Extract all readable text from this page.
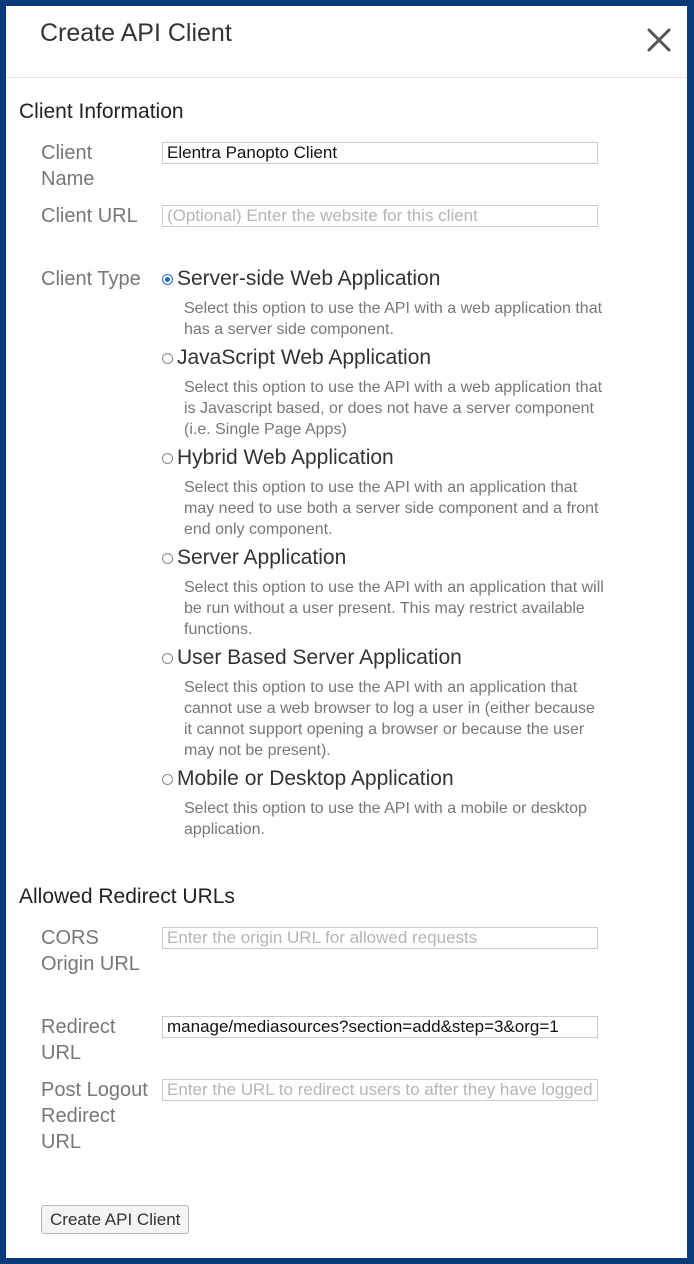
Create API Client
Client Information
Client Name
Elentra Panopto Client
Client URL
(Optional) Enter the website for this client
Client Type	Server-side Web Application
Select this option to use the API with a web application that has a server side component.
JavaScript Web Application
Select this option to use the API with a web application that is Javascript based, or does not have a server component (i.e. Single Page Apps)
Hybrid Web Application
Select this option to use the API with an application that may need to use both a server side component and a front end only component.
Server Application
Select this option to use the API with an application that will be run without a user present. This may restrict available functions.
User Based Server Application
Select this option to use the API with an application that cannot use a web browser to log a user in (either because it cannot support opening a browser or because the user may not be present).
Mobile or Desktop Application
Select this option to use the API with a mobile or desktop application.
Allowed Redirect URLs
CORS Origin URL
Enter the origin URL for allowed requests
Redirect URL
manage/mediasources?section=add&step=3&org=1
Post Logout Redirect URL
Enter the URL to redirect users to after they have logged out
Create API Client
